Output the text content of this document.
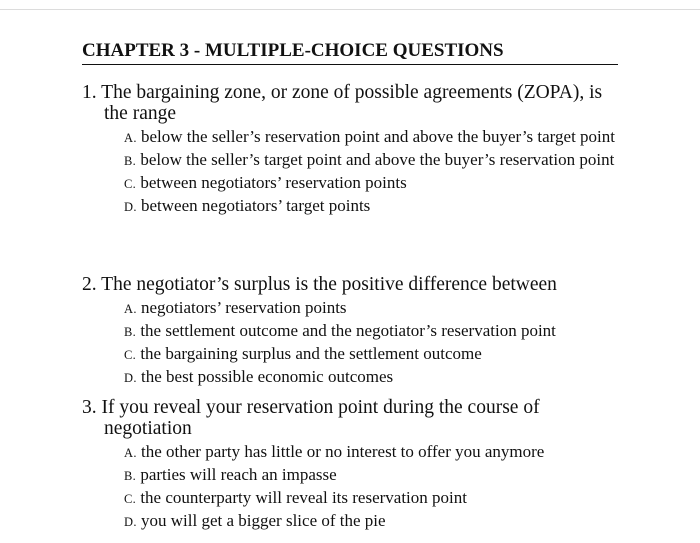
CHAPTER 3 - MULTIPLE-CHOICE QUESTIONS
1. The bargaining zone, or zone of possible agreements (ZOPA), is the range
A. below the seller’s reservation point and above the buyer’s target point
B. below the seller’s target point and above the buyer’s reservation point
C. between negotiators’ reservation points
D. between negotiators’ target points
2. The negotiator’s surplus is the positive difference between
A. negotiators’ reservation points
B. the settlement outcome and the negotiator’s reservation point
C. the bargaining surplus and the settlement outcome
D. the best possible economic outcomes
3. If you reveal your reservation point during the course of negotiation
A. the other party has little or no interest to offer you anymore
B. parties will reach an impasse
C. the counterparty will reveal its reservation point
D. you will get a bigger slice of the pie
